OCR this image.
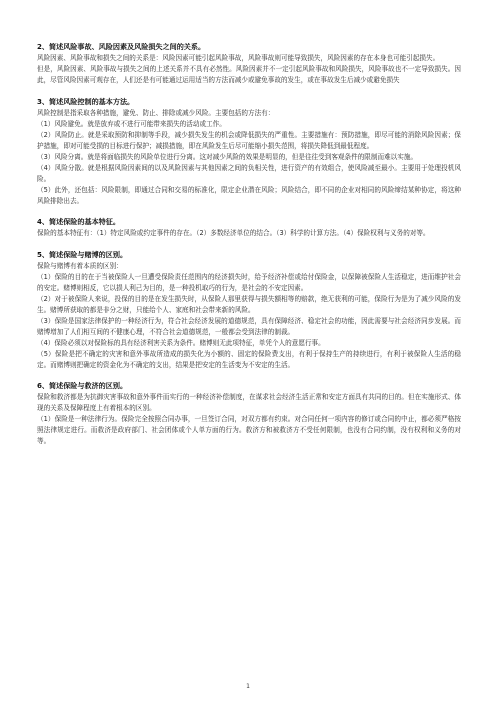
2、简述风险事故、风险因素及风险损失之间的关系。

风险因素、风险事故和损失之间的关系是：风险因素可能引起风险事故，风险事故则可能导致损失，风险因素的存在本身也可能引起损失。

但是，风险因素、风险事故与损失之间的上述关系并不具有必然性。风险因素并不一定引起风险事故和风险损失，风险事故也不一定导致损失。因此，尽管风险因素可观存在，人们还是有可能通过运用适当的方法而减少或避免事故的发生，或在事故发生后减少或避免损失

3、简述风险控制的基本方法。

风险控制是指采取各种措施，避免、防止、排除或减少风险。主要包括的方法有：

（1）风险避免。就是放弃或不进行可能带来损失的活动或工作。

（2）风险防止。就是采取预防和抑制等手段，减少损失发生的机会或降低损失的严重性。主要措施有：预防措施，即尽可能的消除风险因素；保护措施，即对可能受损的目标进行保护；减损措施，即在风险发生后尽可能缩小损失范围，将损失降低到最低程度。

（3）风险分离。就是将面临损失的风险单位进行分离。这对减少风险的效果是明显的，但是往往受到客观条件的限制而难以实施。

（4）风险分散。就是根据风险因素间的以及风险因素与其他因素之间的负相关性，进行资产的有效组合，使风险减至最小。主要用于处理投机风险。

（5）此外，还包括：风险限制，即通过合同和交易的标准化，限定企业潜在风险；风险结合，即不同的企业对相同的风险缔结某种协定，将这种风险排除出去。

4、简述保险的基本特征。

保险的基本特征有：（1）特定风险或约定事件的存在。（2）多数经济单位的结合。（3）科学的计算方法。（4）保险权利与义务的对等。

5、简述保险与赌博的区别。

保险与赌博有着本质的区别：

（1）保险的目的在于当被保险人一旦遭受保险责任范围内的经济损失时，给予经济补偿或给付保险金，以保障被保险人生活稳定，进而维护社会的安定。赌博则相反，它以损人利己为目的，是一种投机取巧的行为，是社会的不安定因素。

（2）对于被保险人来说，投保的目的是在发生损失时，从保险人那里获得与损失额相等的赔款，绝无获利的可能，保险行为是为了减少风险的发生。赌博所获取的都是非分之财，只能给个人、家庭和社会带来新的风险。

（3）保险是国家法律保护的一种经济行为，符合社会经济发展的道德规范，具有保障经济、稳定社会的功能，因此需要与社会经济同步发展。而赌博增加了人们相互间的不健康心理，不符合社会道德规范，一般都会受到法律的制裁。

（4）保险必须以对保险标的具有经济利害关系为条件。赌博则无此项特征，单凭个人的意愿行事。

（5）保险是把不确定的灾害和意外事故所造成的损失化为小额的、固定的保险费支出，有利于保持生产的持续进行，有利于被保险人生活的稳定。而赌博则把确定的资金化为不确定的支出，结果是把安定的生活变为不安定的生活。

6、简述保险与救济的区别。

保险和救济都是为抗御灾害事故和意外事件而实行的一种经济补偿制度，在谋求社会经济生活正常和安定方面具有共同的目的。但在实施形式、体现的关系及保障程度上有着根本的区别。

（1）保险是一种法律行为。保险完全按照合同办事，一旦签订合同，对双方都有约束。对合同任何一项内容的修订或合同的中止，都必须严格按照法律规定进行。而救济是政府部门、社会团体或个人单方面的行为。救济方和被救济方不受任何限制，也没有合同约制，没有权利和义务的对等。

1
